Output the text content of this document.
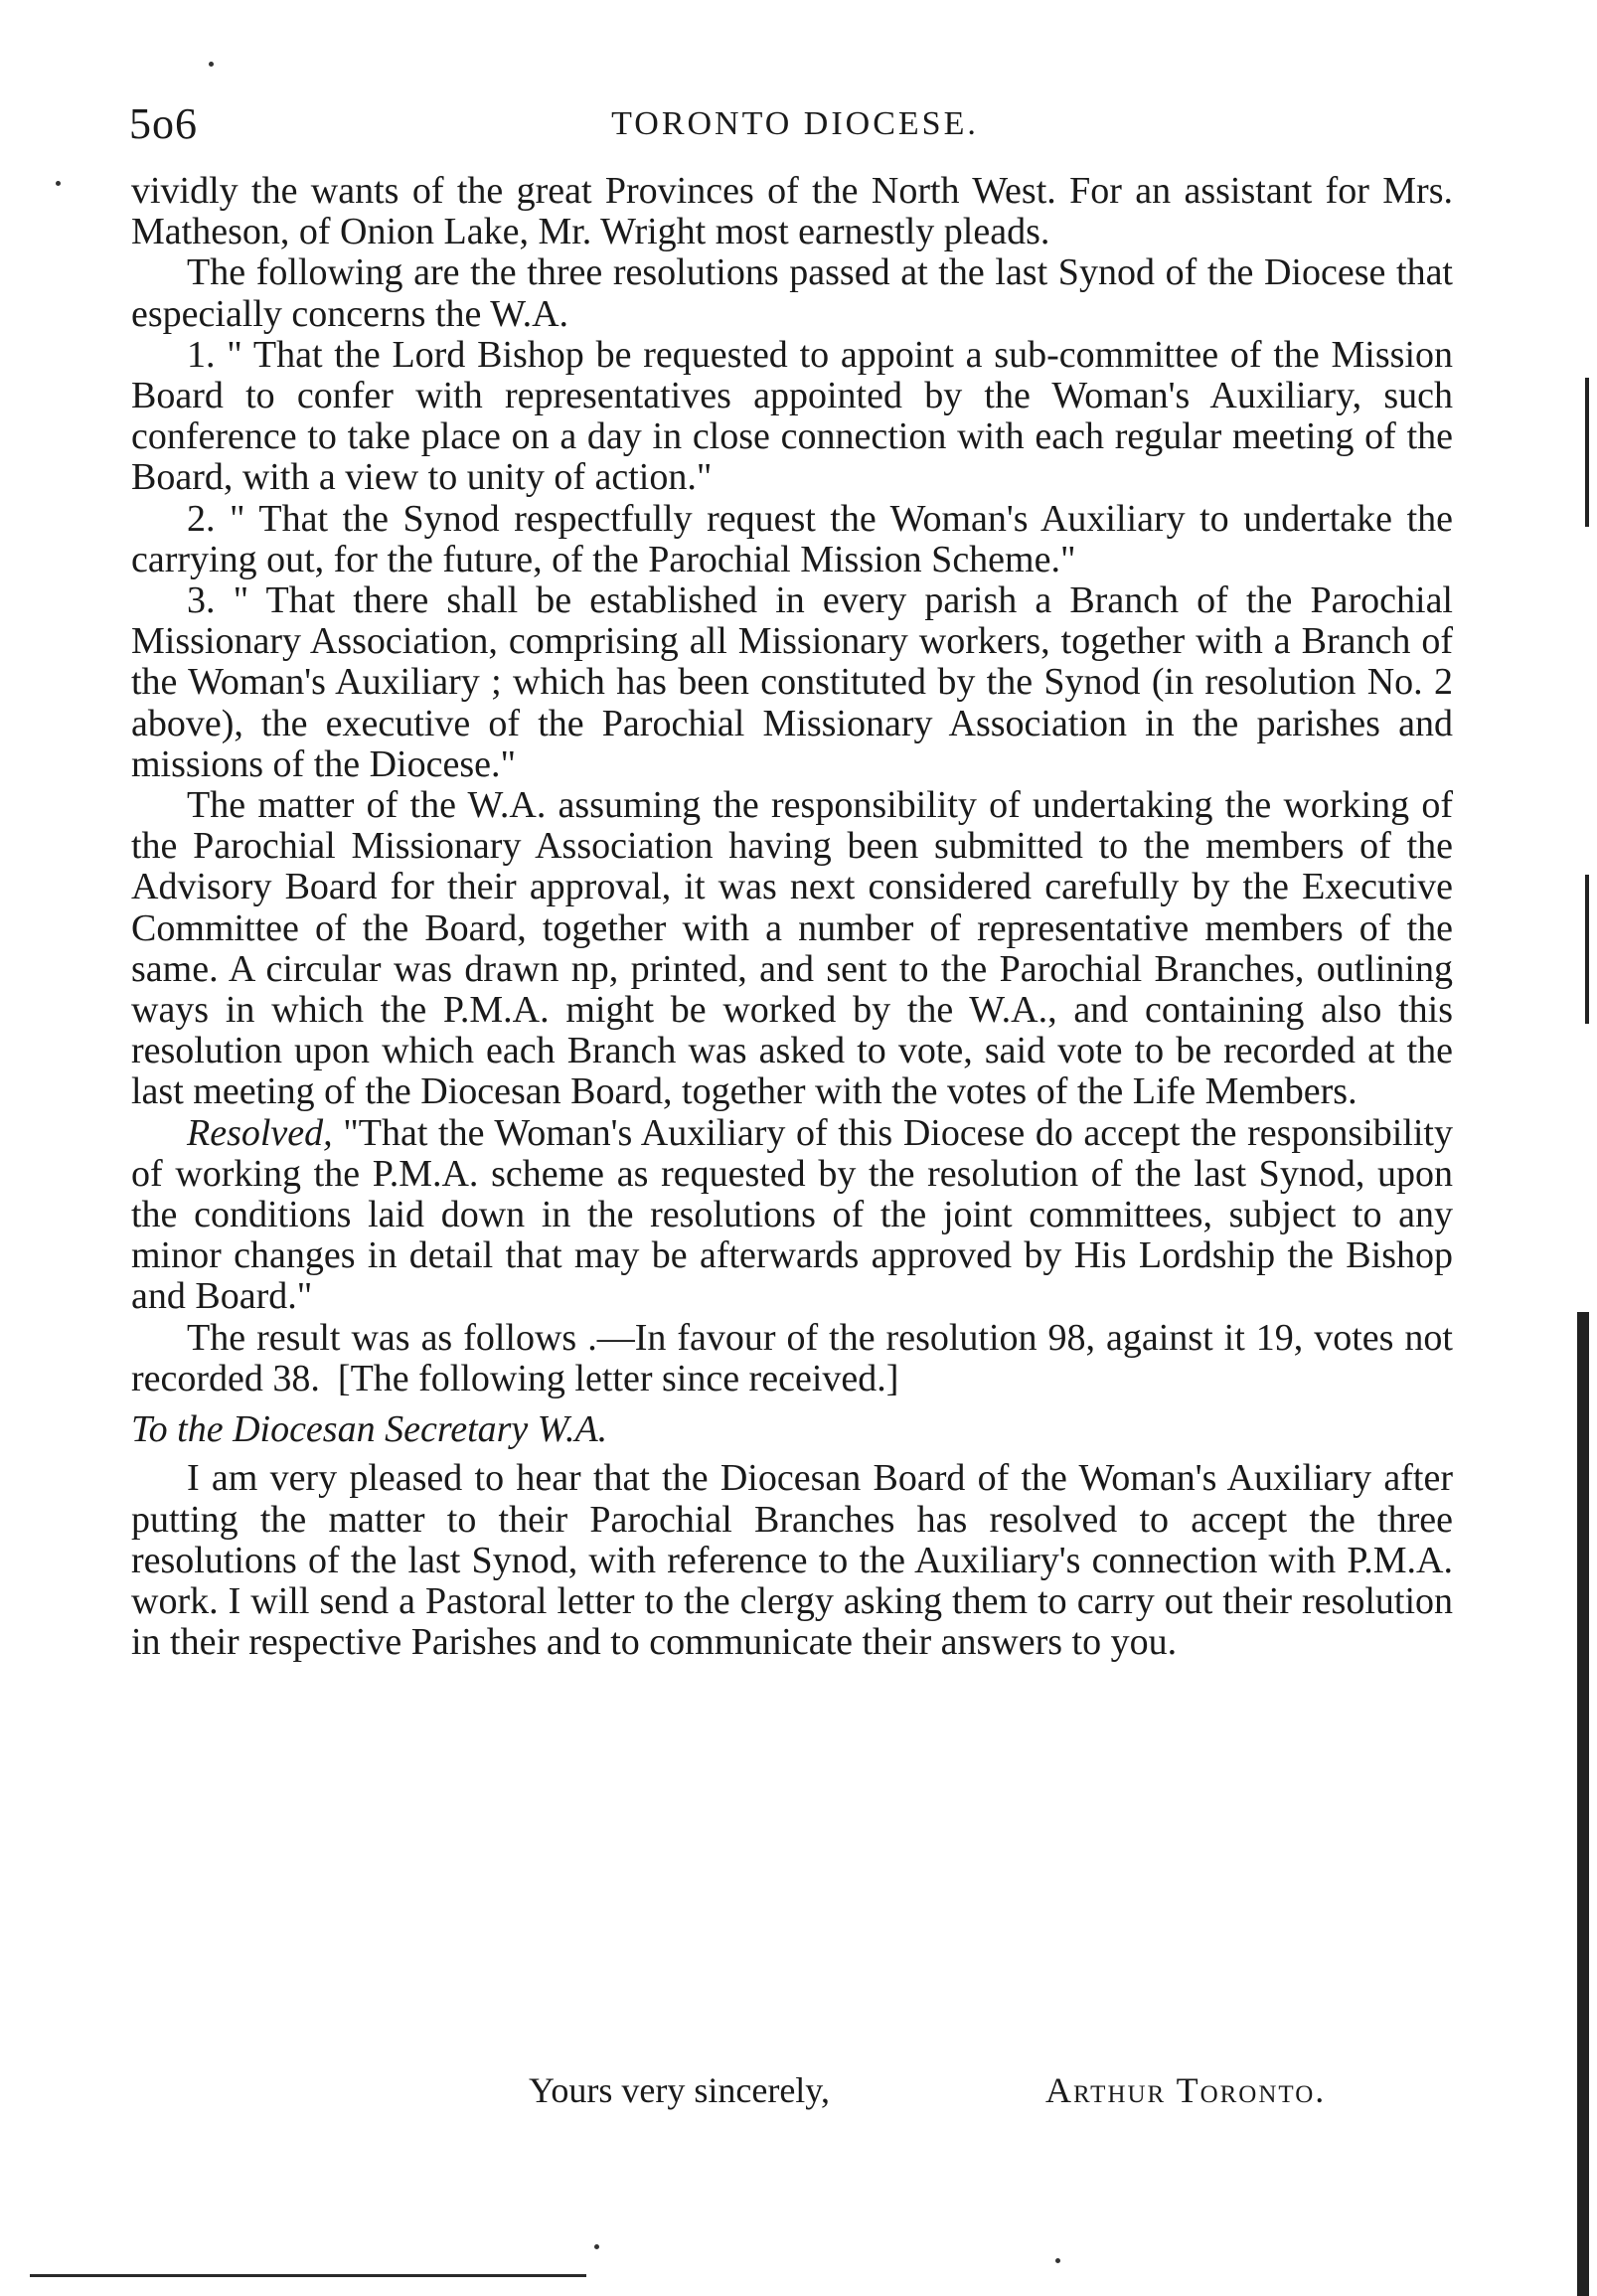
5o6	TORONTO DIOCESE.

vividly the wants of the great Provinces of the North West. For an assistant for Mrs. Matheson, of Onion Lake, Mr. Wright most earnestly pleads.

The following are the three resolutions passed at the last Synod of the Diocese that especially concerns the W.A.

1. " That the Lord Bishop be requested to appoint a sub-committee of the Mission Board to confer with representatives appointed by the Woman's Auxiliary, such conference to take place on a day in close connection with each regular meeting of the Board, with a view to unity of action."

2. " That the Synod respectfully request the Woman's Auxiliary to undertake the carrying out, for the future, of the Parochial Mission Scheme."

3. " That there shall be established in every parish a Branch of the Parochial Missionary Association, comprising all Missionary workers, together with a Branch of the Woman's Auxiliary ; which has been constituted by the Synod (in resolution No. 2 above), the executive of the Parochial Missionary Association in the parishes and missions of the Diocese."

The matter of the W.A. assuming the responsibility of undertaking the working of the Parochial Missionary Association having been submitted to the members of the Advisory Board for their approval, it was next considered carefully by the Executive Committee of the Board, together with a number of representative members of the same. A circular was drawn np, printed, and sent to the Parochial Branches, outlining ways in which the P.M.A. might be worked by the W.A., and containing also this resolution upon which each Branch was asked to vote, said vote to be recorded at the last meeting of the Diocesan Board, together with the votes of the Life Members.

Resolved, "That the Woman's Auxiliary of this Diocese do accept the responsibility of working the P.M.A. scheme as requested by the resolution of the last Synod, upon the conditions laid down in the resolutions of the joint committees, subject to any minor changes in detail that may be afterwards approved by His Lordship the Bishop and Board."

The result was as follows .—In favour of the resolution 98, against it 19, votes not recorded 38. [The following letter since received.]

To the Diocesan Secretary W.A.

I am very pleased to hear that the Diocesan Board of the Woman's Auxiliary after putting the matter to their Parochial Branches has resolved to accept the three resolutions of the last Synod, with reference to the Auxiliary's connection with P.M.A. work. I will send a Pastoral letter to the clergy asking them to carry out their resolution in their respective Parishes and to communicate their answers to you.

Yours very sincerely,	Arthur Toronto.
